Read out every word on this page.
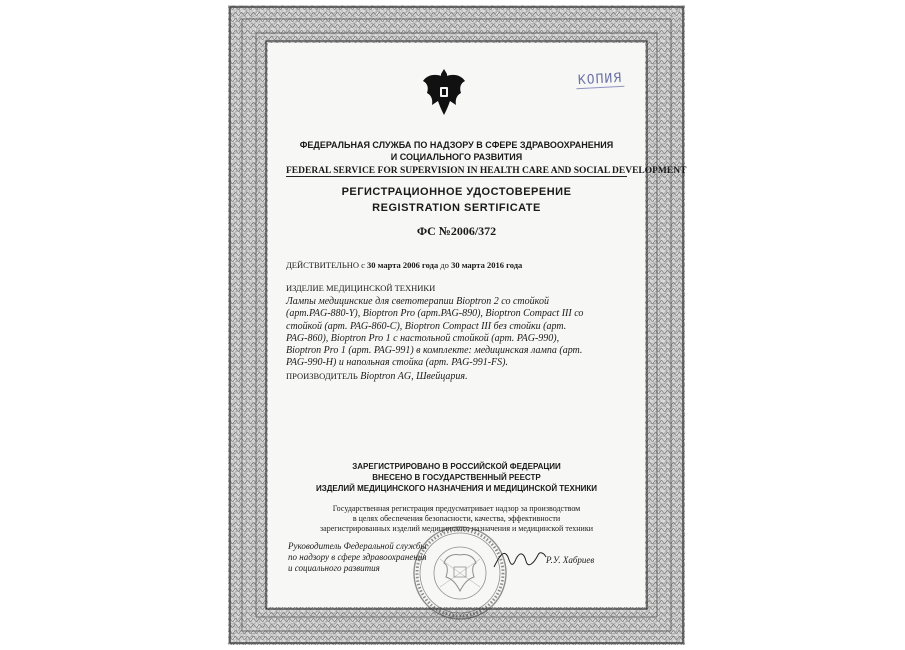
КОПИЯ
ФЕДЕРАЛЬНАЯ СЛУЖБА ПО НАДЗОРУ В СФЕРЕ ЗДРАВООХРАНЕНИЯ
И СОЦИАЛЬНОГО РАЗВИТИЯ
FEDERAL SERVICE FOR SUPERVISION IN HEALTH CARE AND SOCIAL DEVELOPMENT
РЕГИСТРАЦИОННОЕ УДОСТОВЕРЕНИЕ
REGISTRATION SERTIFICATE
ФС №2006/372
ДЕЙСТВИТЕЛЬНО с 30 марта 2006 года до 30 марта 2016 года
ИЗДЕЛИЕ МЕДИЦИНСКОЙ ТЕХНИКИ
Лампы медицинские для светотерапии Bioptron 2 со стойкой
(арт.PAG-880-Y), Bioptron Pro (арт.PAG-890), Bioptron Compact III со
стойкой (арт. PAG-860-C), Bioptron Compact III без стойки (арт.
PAG-860), Bioptron Pro 1 с настольной стойкой (арт. PAG-990),
Bioptron Pro 1 (арт. PAG-991) в комплекте: медицинская лампа (арт.
PAG-990-H) и напольная стойка (арт. PAG-991-FS).
ПРОИЗВОДИТЕЛЬ Bioptron AG, Швейцария.
ЗАРЕГИСТРИРОВАНО В РОССИЙСКОЙ ФЕДЕРАЦИИ
ВНЕСЕНО В ГОСУДАРСТВЕННЫЙ РЕЕСТР
ИЗДЕЛИЙ МЕДИЦИНСКОГО НАЗНАЧЕНИЯ И МЕДИЦИНСКОЙ ТЕХНИКИ
Государственная регистрация предусматривает надзор за производством
в целях обеспечения безопасности, качества, эффективности
зарегистрированных изделий медицинского назначения и медицинской техники
Руководитель Федеральной службы
по надзору в сфере здравоохранения
и социального развития
Р.У. Хабриев
